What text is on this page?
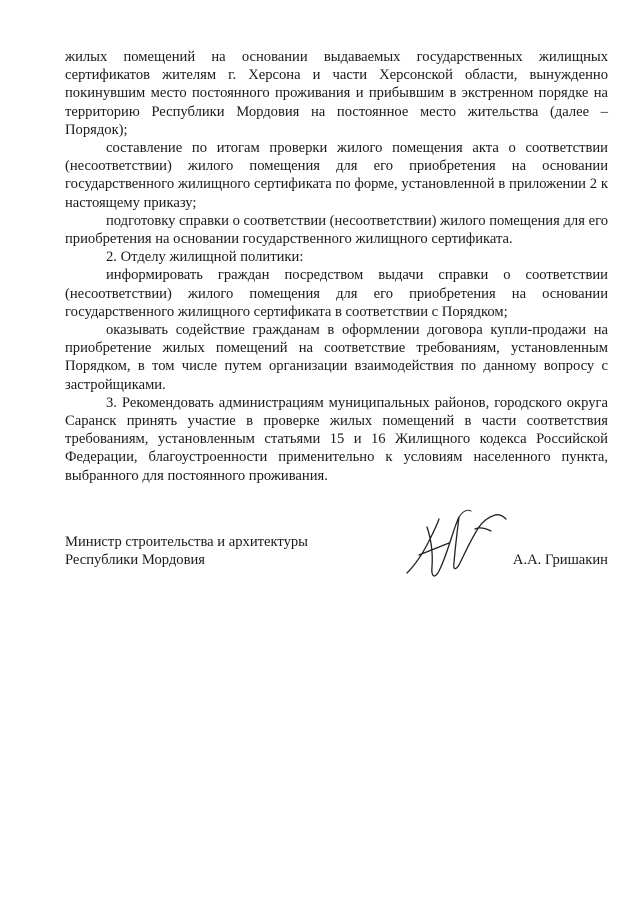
жилых помещений на основании выдаваемых государственных жилищных сертификатов жителям г. Херсона и части Херсонской области, вынужденно покинувшим место постоянного проживания и прибывшим в экстренном порядке на территорию Республики Мордовия на постоянное место жительства (далее – Порядок);

составление по итогам проверки жилого помещения акта о соответствии (несоответствии) жилого помещения для его приобретения на основании государственного жилищного сертификата по форме, установленной в приложении 2 к настоящему приказу;

подготовку справки о соответствии (несоответствии) жилого помещения для его приобретения на основании государственного жилищного сертификата.

2. Отделу жилищной политики:

информировать граждан посредством выдачи справки о соответствии (несоответствии) жилого помещения для его приобретения на основании государственного жилищного сертификата в соответствии с Порядком;

оказывать содействие гражданам в оформлении договора купли-продажи на приобретение жилых помещений на соответствие требованиям, установленным Порядком, в том числе путем организации взаимодействия по данному вопросу с застройщиками.

3. Рекомендовать администрациям муниципальных районов, городского округа Саранск принять участие в проверке жилых помещений в части соответствия требованиям, установленным статьями 15 и 16 Жилищного кодекса Российской Федерации, благоустроенности применительно к условиям населенного пункта, выбранного для постоянного проживания.

Министр строительства и архитектуры
Республики Мордовия	А.А. Гришакин
